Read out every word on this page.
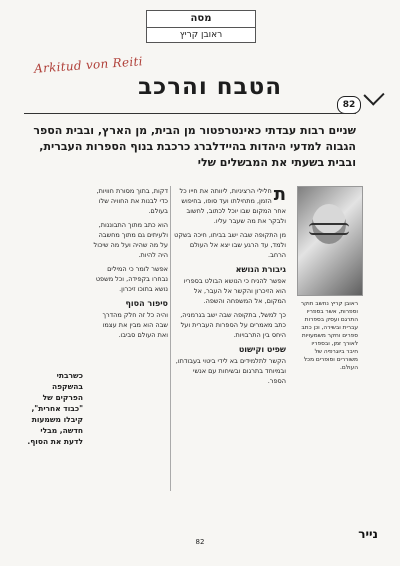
מסה
ראובן קריץ
Arkitud von Reiti
הטבח והרכב
82
שניים רבות עבדתי כאינטרפטור מן הבית, מן הארץ, ובבית הספר הגבוה למדעי היהדות בהיידלברג כרכבת בנוף הספרות העברית, ובבית בשעתי את המבשלים שלי
ראובן קריץ נחשב חוקר וספרות, אשר בספריו התרגם ועסק בספרות עברית ובשירה, וכן כתב ספרים וחקר משמעויות לאורך זמן, ובספריו חיבר ביוגרפיה של משוררים וסופרים מכל העולם.

ת
חלילי הרציניות, ליוותה את חייו כל הזמן, מתחילתו ועד סופו, בחיפוש אחר המקום שבו יוכל לכתוב, לחשוב ולבקר את מה שעבר עליו.

מן התקופה שבה ישב בביתו, חיכה בשקט ולמד, עד הרגע שבו יצא אל העולם הרחב.

גיבורת הנושא

אפשר להניח כי הנושא הבולט בספריו הוא הזיכרון והקשר אל העבר, אל המקום, אל המשפחה והשפה.

כך למשל, בתקופה שבה ישב בגרמניה, כתב מאמרים על הספרות העברית ועל היחס בין התרבויות.

שפיט וקישוט

הקשר לתלמידים בא לידי ביטוי בעבודתו, ובמיוחד בתרגום ובשיחות עם אנשי הספר.

דקות, בתוך מסורת חוויות, כדי לבנות את החוויה שלו בעולם.

הוא כתב מתוך התבוננות, ולעיתים גם מתוך מחשבה על מה שהיה ועל מה שיכול היה להיות.

אפשר לומר כי המילים נבחרו בקפידה, וכל משפט נושא בתוכו זיכרון.

סיפור הסוף

והיה כל זה חלק מהדרך שבה הוא מבין את עצמו ואת העולם סביבו.

כשרבתי בהשקפה הפרקים של "כבוד אחרית", קיבלו משמעות חדשה, מבלי לדעת את הסוף.
נייר
82
